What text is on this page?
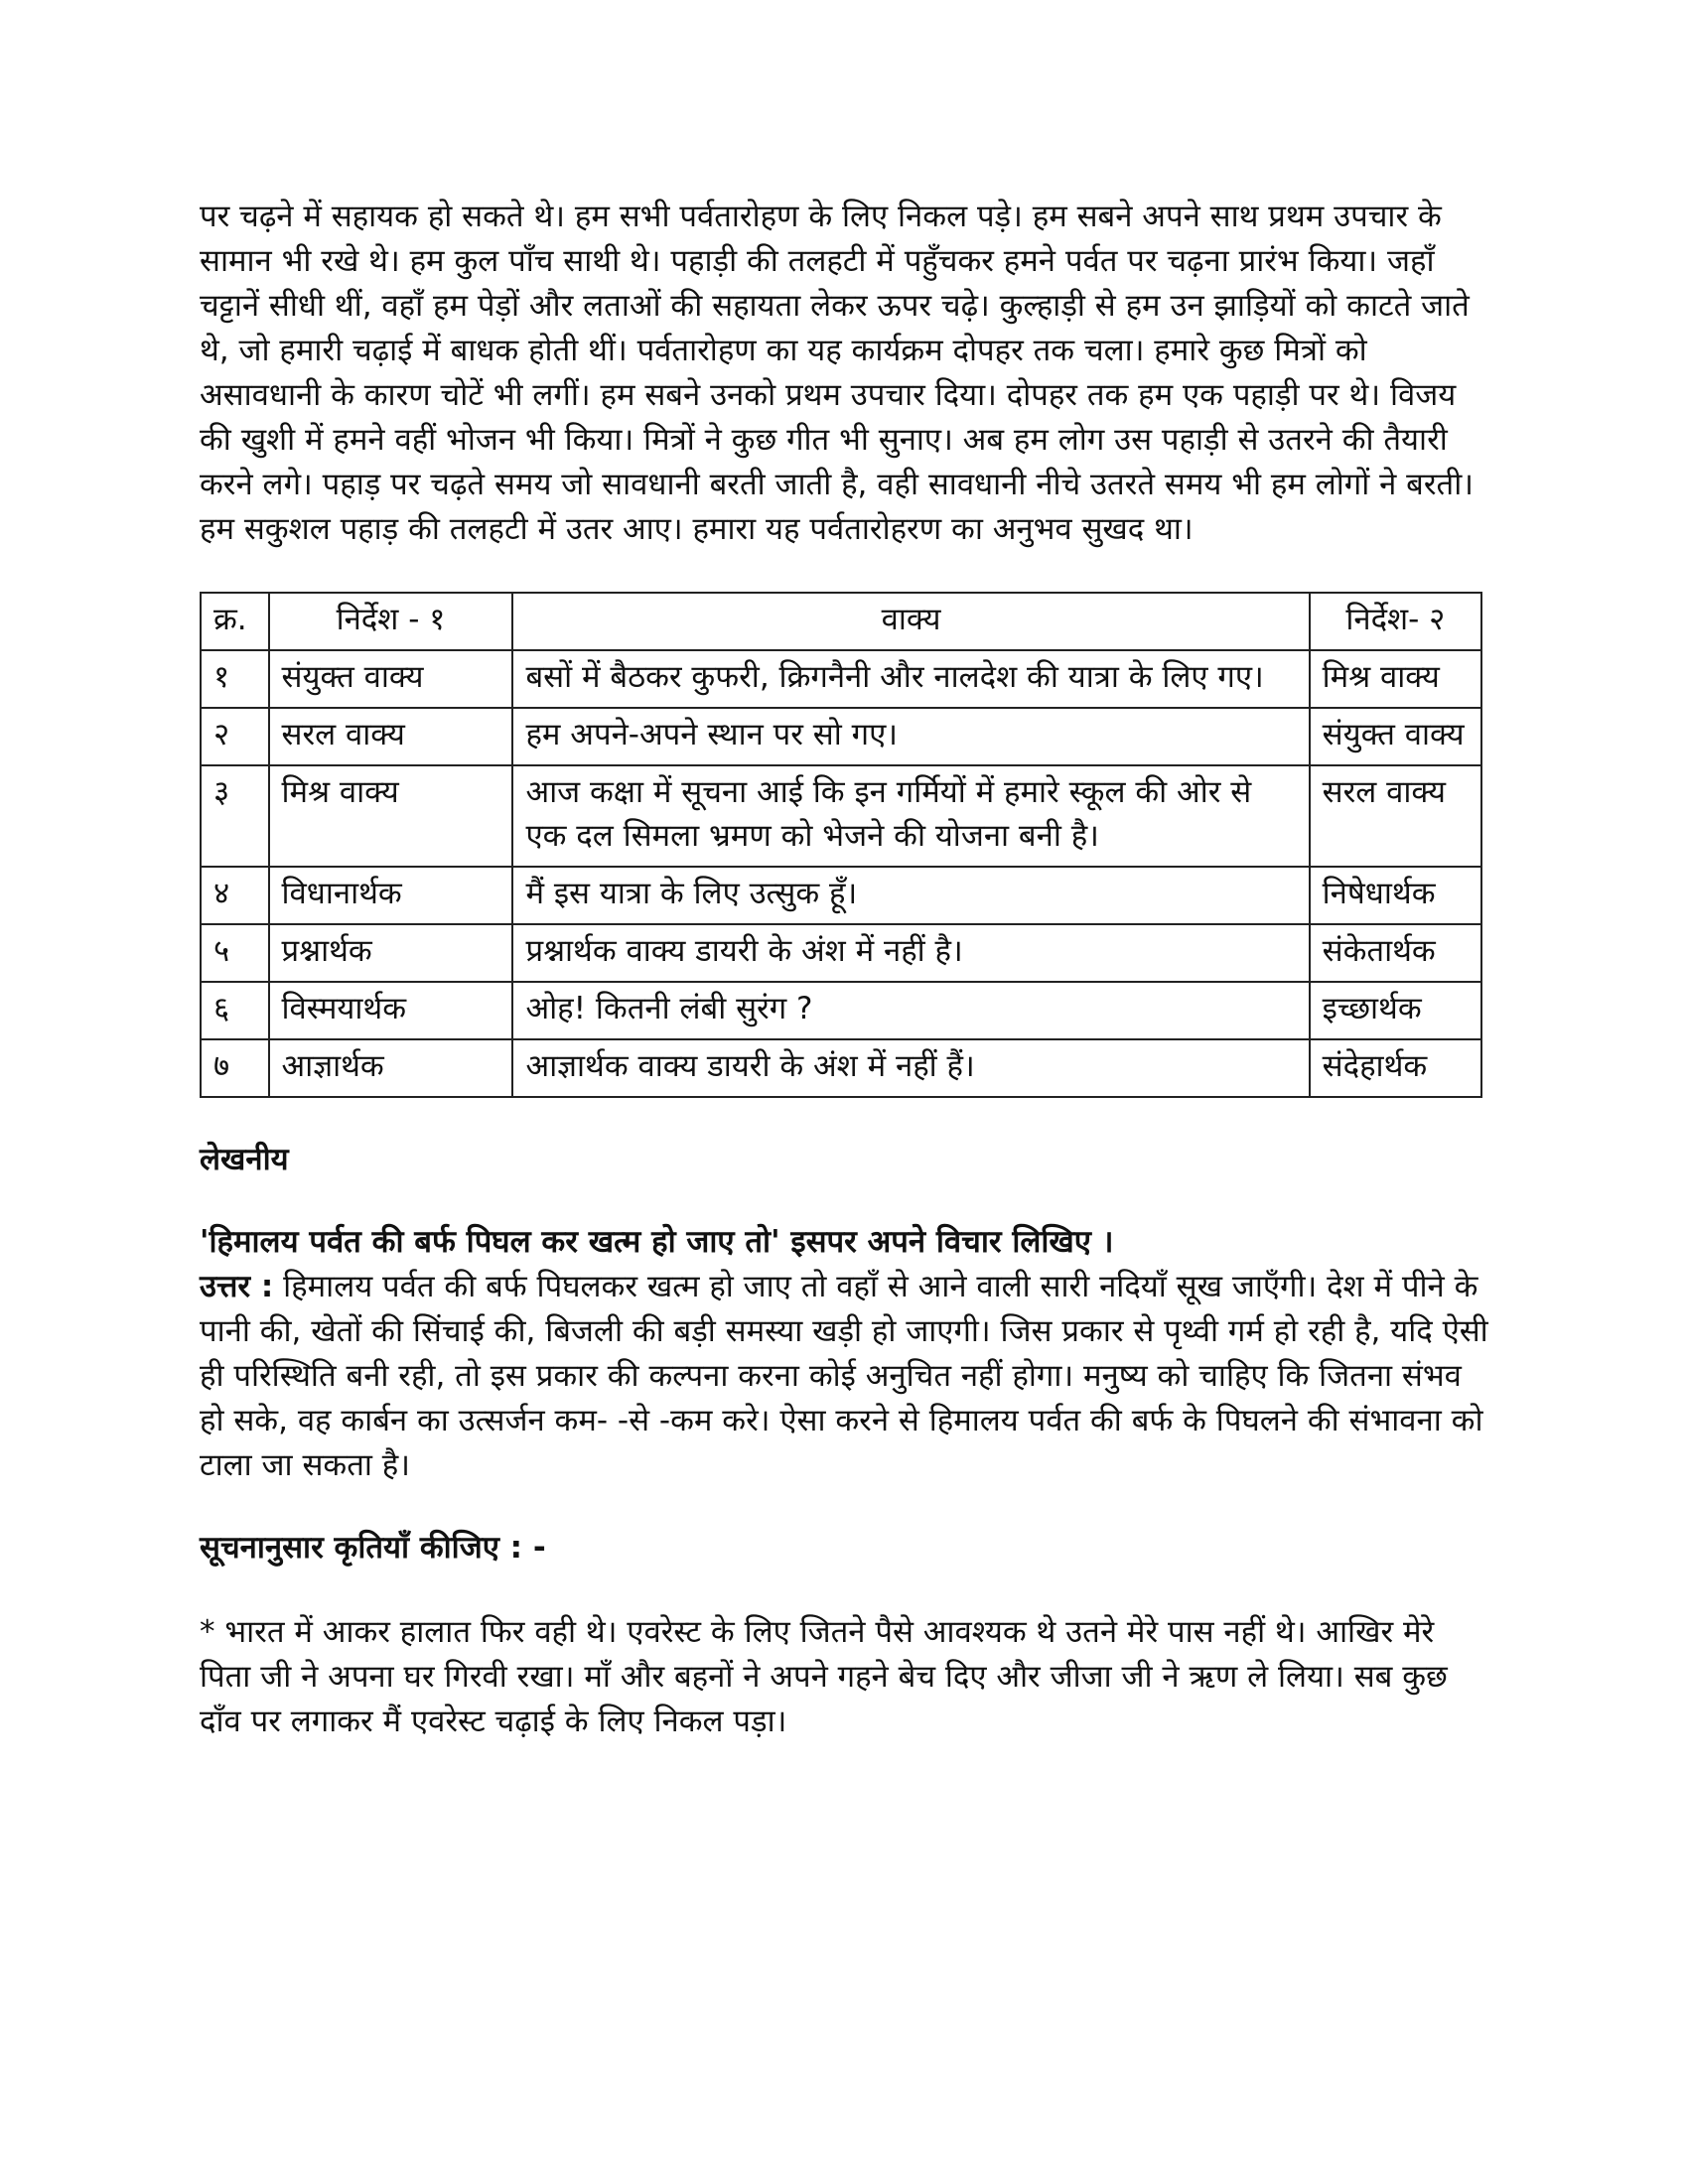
पर चढ़ने में सहायक हो सकते थे। हम सभी पर्वतारोहण के लिए निकल पड़े। हम सबने अपने साथ प्रथम उपचार के सामान भी रखे थे। हम कुल पाँच साथी थे। पहाड़ी की तलहटी में पहुँचकर हमने पर्वत पर चढ़ना प्रारंभ किया। जहाँ चट्टानें सीधी थीं, वहाँ हम पेड़ों और लताओं की सहायता लेकर ऊपर चढ़े। कुल्हाड़ी से हम उन झाड़ियों को काटते जाते थे, जो हमारी चढ़ाई में बाधक होती थीं। पर्वतारोहण का यह कार्यक्रम दोपहर तक चला। हमारे कुछ मित्रों को असावधानी के कारण चोटें भी लगीं। हम सबने उनको प्रथम उपचार दिया। दोपहर तक हम एक पहाड़ी पर थे। विजय की खुशी में हमने वहीं भोजन भी किया। मित्रों ने कुछ गीत भी सुनाए। अब हम लोग उस पहाड़ी से उतरने की तैयारी करने लगे। पहाड़ पर चढ़ते समय जो सावधानी बरती जाती है, वही सावधानी नीचे उतरते समय भी हम लोगों ने बरती। हम सकुशल पहाड़ की तलहटी में उतर आए। हमारा यह पर्वतारोहरण का अनुभव सुखद था।

क्र.	निर्देश - १	वाक्य	निर्देश- २
१	संयुक्त वाक्य	बसों में बैठकर कुफरी, क्रिगनैनी और नालदेश की यात्रा के लिए गए।	मिश्र वाक्य
२	सरल वाक्य	हम अपने-अपने स्थान पर सो गए।	संयुक्त वाक्य
३	मिश्र वाक्य	आज कक्षा में सूचना आई कि इन गर्मियों में हमारे स्कूल की ओर से एक दल सिमला भ्रमण को भेजने की योजना बनी है।	सरल वाक्य
४	विधानार्थक	मैं इस यात्रा के लिए उत्सुक हूँ।	निषेधार्थक
५	प्रश्नार्थक	प्रश्नार्थक वाक्य डायरी के अंश में नहीं है।	संकेतार्थक
६	विस्मयार्थक	ओह! कितनी लंबी सुरंग ?	इच्छार्थक
७	आज्ञार्थक	आज्ञार्थक वाक्य डायरी के अंश में नहीं हैं।	संदेहार्थक

लेखनीय

'हिमालय पर्वत की बर्फ पिघल कर खत्म हो जाए तो' इसपर अपने विचार लिखिए ।

उत्तर : हिमालय पर्वत की बर्फ पिघलकर खत्म हो जाए तो वहाँ से आने वाली सारी नदियाँ सूख जाएँगी। देश में पीने के पानी की, खेतों की सिंचाई की, बिजली की बड़ी समस्या खड़ी हो जाएगी। जिस प्रकार से पृथ्वी गर्म हो रही है, यदि ऐसी ही परिस्थिति बनी रही, तो इस प्रकार की कल्पना करना कोई अनुचित नहीं होगा। मनुष्य को चाहिए कि जितना संभव हो सके, वह कार्बन का उत्सर्जन कम- -से -कम करे। ऐसा करने से हिमालय पर्वत की बर्फ के पिघलने की संभावना को टाला जा सकता है।

सूचनानुसार कृतियाँ कीजिए : -

* भारत में आकर हालात फिर वही थे। एवरेस्ट के लिए जितने पैसे आवश्यक थे उतने मेरे पास नहीं थे। आखिर मेरे पिता जी ने अपना घर गिरवी रखा। माँ और बहनों ने अपने गहने बेच दिए और जीजा जी ने ऋण ले लिया। सब कुछ दाँव पर लगाकर मैं एवरेस्ट चढ़ाई के लिए निकल पड़ा।
